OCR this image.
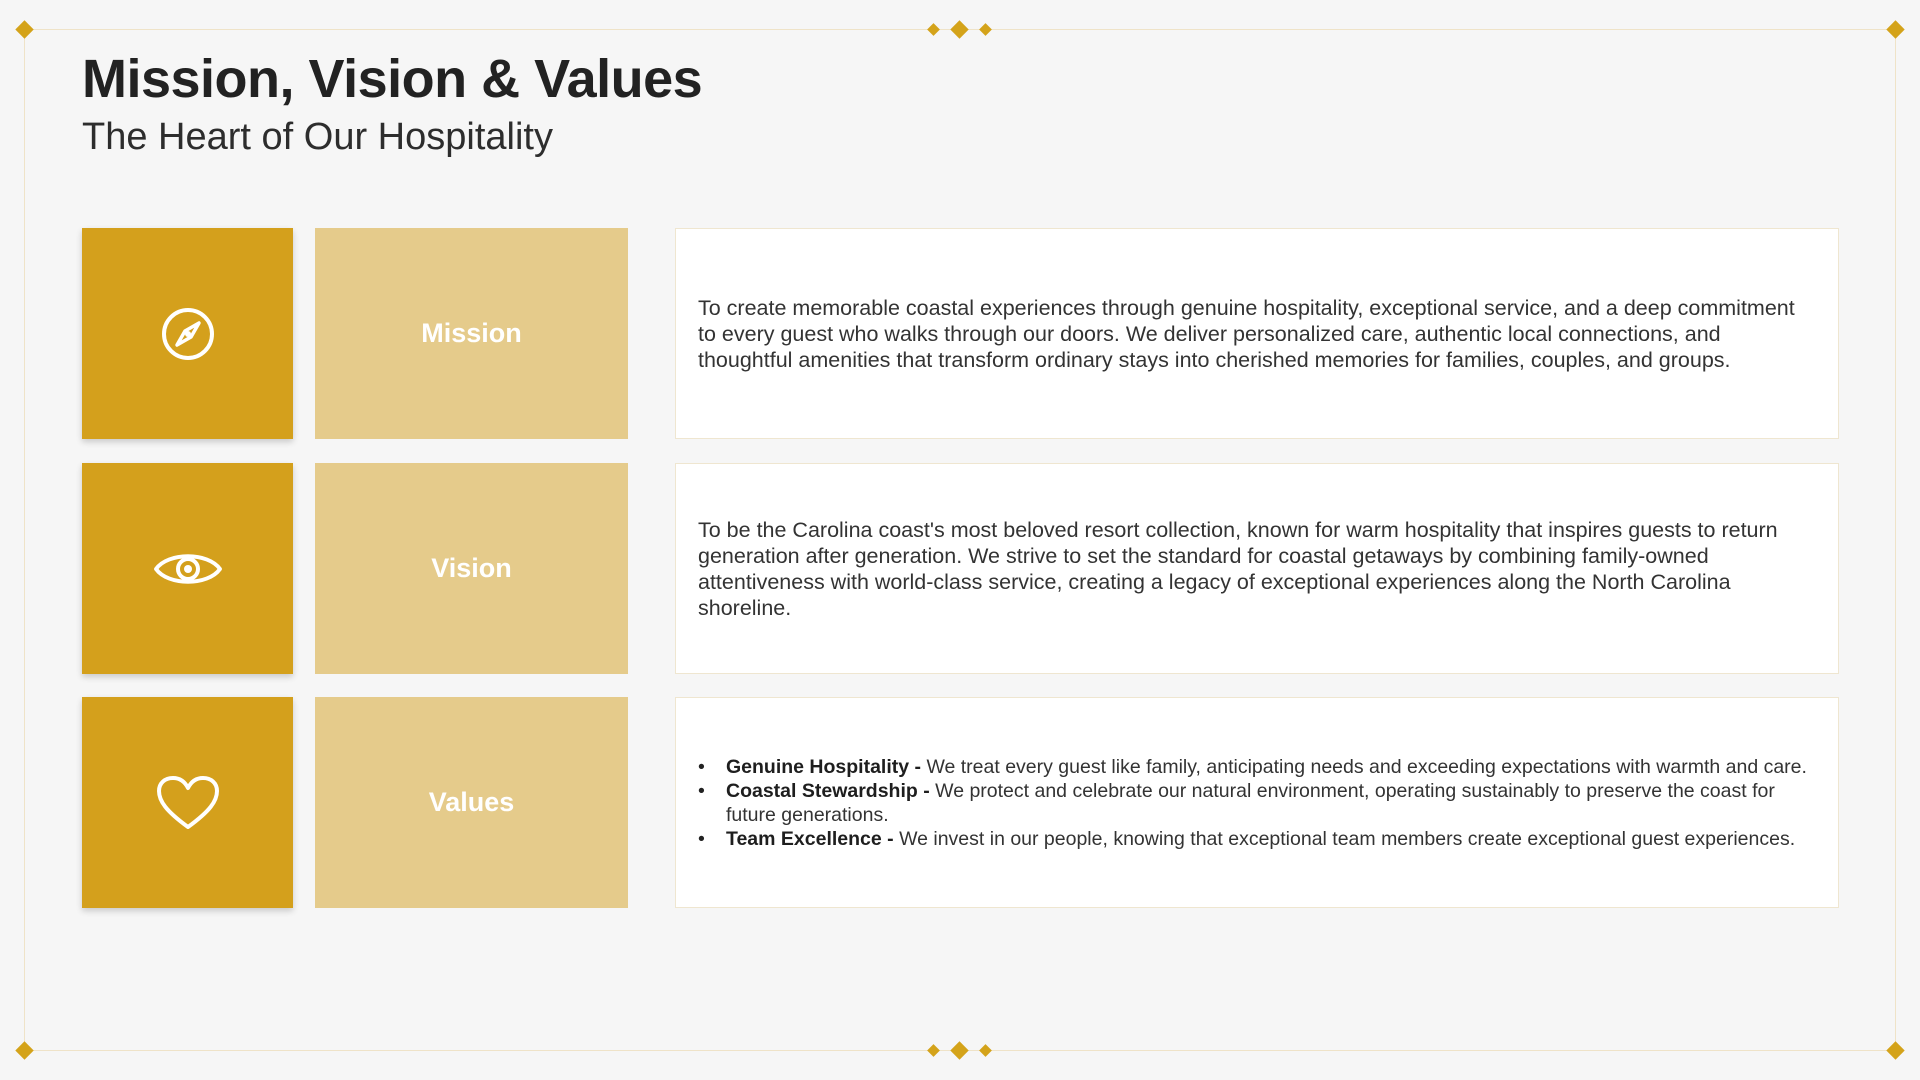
Mission, Vision & Values
The Heart of Our Hospitality
Mission

To create memorable coastal experiences through genuine hospitality, exceptional service, and a deep commitment to every guest who walks through our doors. We deliver personalized care, authentic local connections, and thoughtful amenities that transform ordinary stays into cherished memories for families, couples, and groups.

Vision

To be the Carolina coast's most beloved resort collection, known for warm hospitality that inspires guests to return generation after generation. We strive to set the standard for coastal getaways by combining family-owned attentiveness with world-class service, creating a legacy of exceptional experiences along the North Carolina shoreline.

Values
• Genuine Hospitality - We treat every guest like family, anticipating needs and exceeding expectations with warmth and care.
• Coastal Stewardship - We protect and celebrate our natural environment, operating sustainably to preserve the coast for future generations.
• Team Excellence - We invest in our people, knowing that exceptional team members create exceptional guest experiences.
